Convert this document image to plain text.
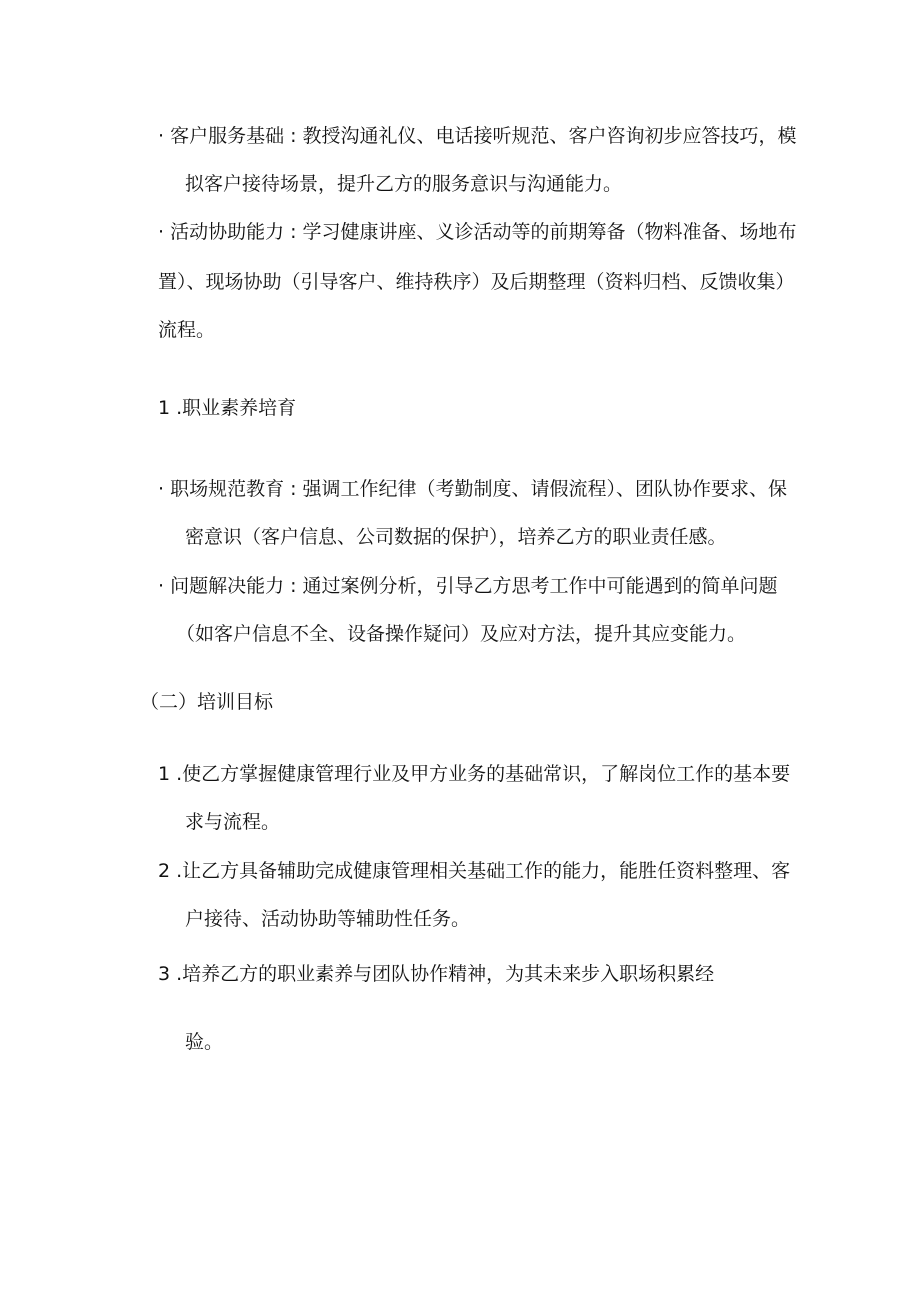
· 客户服务基础 : 教授沟通礼仪、电话接听规范、客户咨询初步应答技巧，模
拟客户接待场景，提升乙方的服务意识与沟通能力。
· 活动协助能力 : 学习健康讲座、义诊活动等的前期筹备（物料准备、场地布
置）、现场协助（引导客户、维持秩序）及后期整理（资料归档、反馈收集）
流程。
1 .职业素养培育
· 职场规范教育 : 强调工作纪律（考勤制度、请假流程）、团队协作要求、保
密意识（客户信息、公司数据的保护），培养乙方的职业责任感。
· 问题解决能力 : 通过案例分析，引导乙方思考工作中可能遇到的简单问题
（如客户信息不全、设备操作疑问）及应对方法，提升其应变能力。
（二）培训目标
1 .使乙方掌握健康管理行业及甲方业务的基础常识，了解岗位工作的基本要
求与流程。
2 .让乙方具备辅助完成健康管理相关基础工作的能力，能胜任资料整理、客
户接待、活动协助等辅助性任务。
3 .培养乙方的职业素养与团队协作精神，为其未来步入职场积累经
验。
